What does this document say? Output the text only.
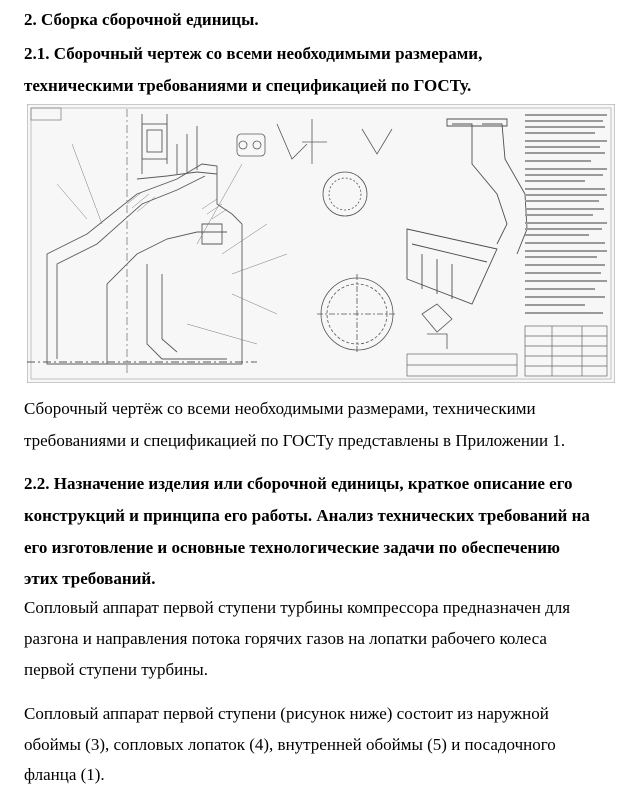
2. Сборка сборочной единицы.
2.1. Сборочный чертеж со всеми необходимыми размерами,
техническими требованиями и спецификацией по ГОСТу.
Сборочный чертёж со всеми необходимыми размерами, техническими
требованиями и спецификацией по ГОСТу представлены в Приложении 1.
2.2. Назначение изделия или сборочной единицы, краткое описание его
конструкций и принципа его работы. Анализ технических требований на
его изготовление и основные технологические задачи по обеспечению
этих требований.
Сопловый аппарат первой ступени турбины компрессора предназначен для
разгона и направления потока горячих газов на лопатки рабочего колеса
первой ступени турбины.
Сопловый аппарат первой ступени (рисунок ниже) состоит из наружной
обоймы (3), сопловых лопаток (4), внутренней обоймы (5) и посадочного
фланца (1).
